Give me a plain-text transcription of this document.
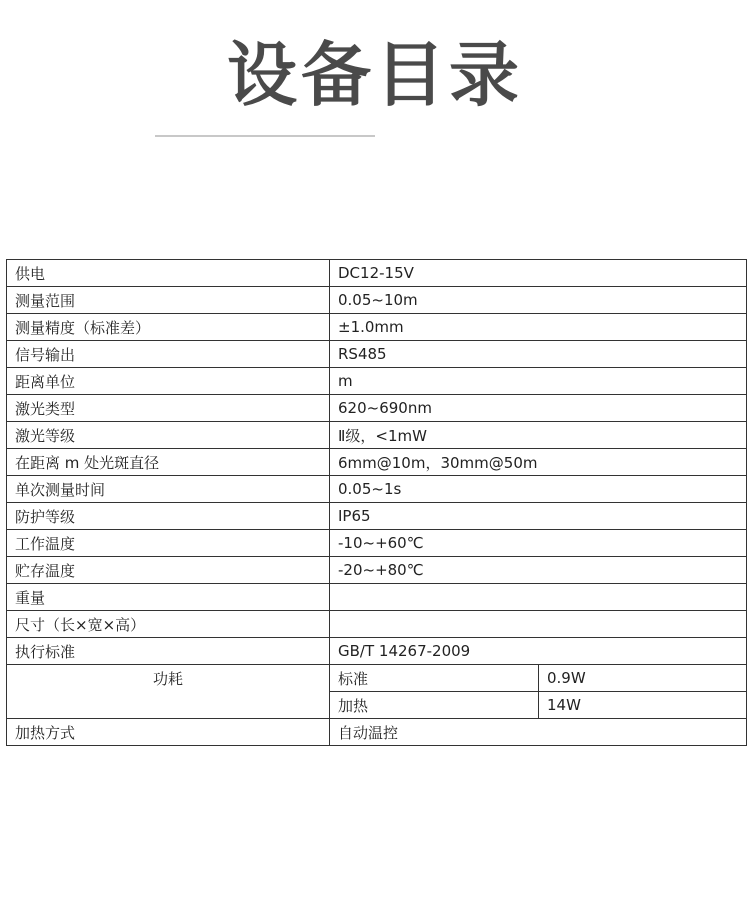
设备目录
供电	DC12-15V	
测量范围	0.05~10m	
测量精度（标准差）	±1.0mm	
信号输出	RS485	
距离单位	m	
激光类型	620~690nm	
激光等级	Ⅱ级，<1mW	
在距离 m 处光斑直径	6mm@10m，30mm@50m	
单次测量时间	0.05~1s	
防护等级	IP65	
工作温度	-10~+60℃	
贮存温度	-20~+80℃	
重量		
尺寸（长×宽×高）		
执行标准	GB/T 14267-2009	
功耗	标准	0.9W
	加热	14W
加热方式	自动温控	
